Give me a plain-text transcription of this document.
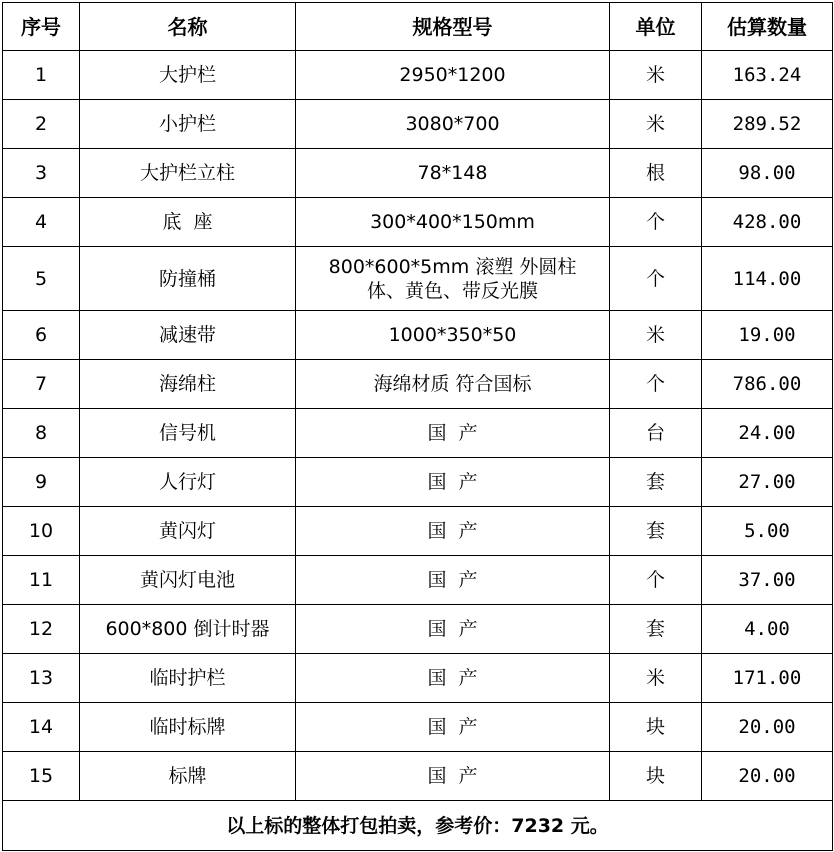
序号	名称	规格型号	单位	估算数量
1	大护栏	2950*1200	米	163.24
2	小护栏	3080*700	米	289.52
3	大护栏立柱	78*148	根	98.00
4	底  座	300*400*150mm	个	428.00
5	防撞桶	800*600*5mm 滚塑 外圆柱体、黄色、带反光膜	个	114.00
6	减速带	1000*350*50	米	19.00
7	海绵柱	海绵材质 符合国标	个	786.00
8	信号机	国  产	台	24.00
9	人行灯	国  产	套	27.00
10	黄闪灯	国  产	套	5.00
11	黄闪灯电池	国  产	个	37.00
12	600*800 倒计时器	国  产	套	4.00
13	临时护栏	国  产	米	171.00
14	临时标牌	国  产	块	20.00
15	标牌	国  产	块	20.00
以上标的整体打包拍卖，参考价：7232 元。				
